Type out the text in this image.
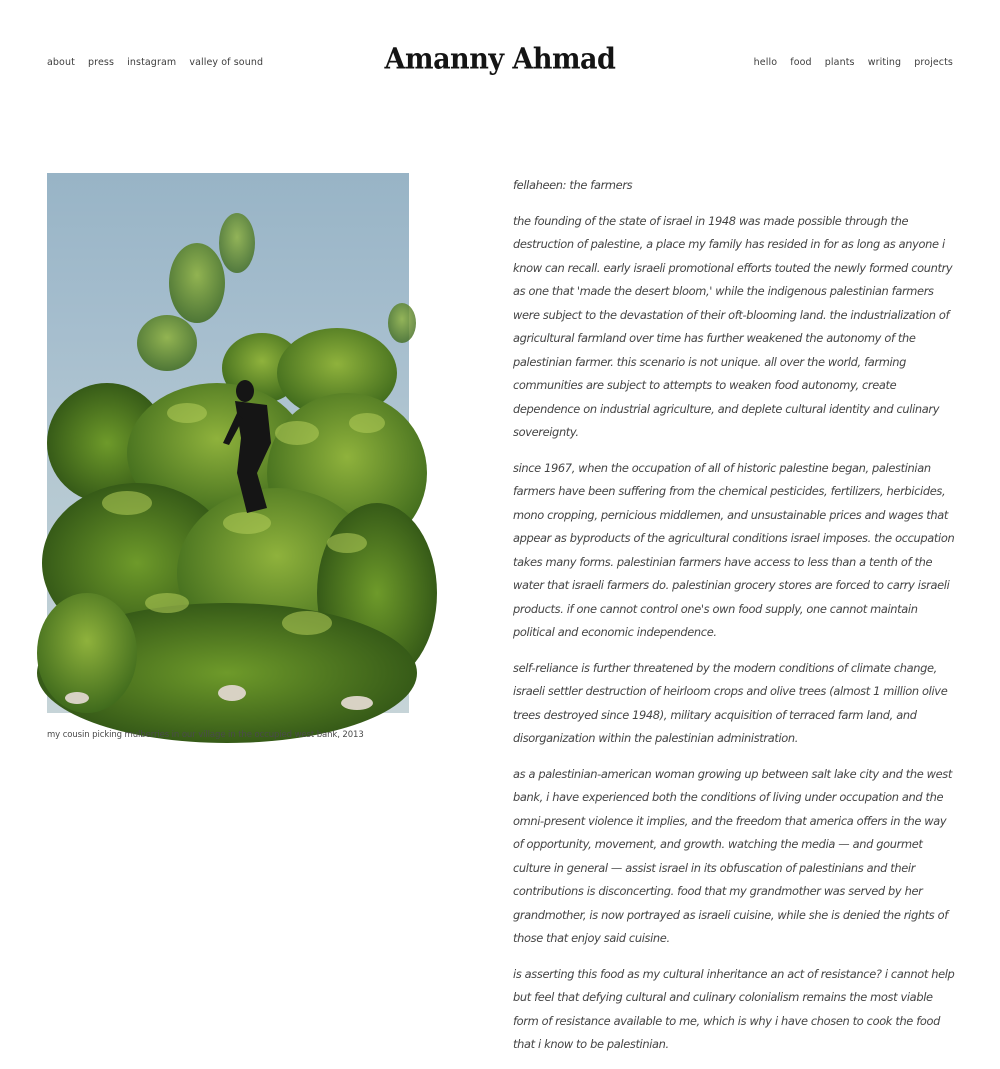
about press instagram valley of sound	Amanny Ahmad	hello food plants writing projects
my cousin picking mulberries in our village in the occupied west bank, 2013

fellaheen: the farmers

the founding of the state of israel in 1948 was made possible through the destruction of palestine, a place my family has resided in for as long as anyone i know can recall. early israeli promotional efforts touted the newly formed country as one that 'made the desert bloom,' while the indigenous palestinian farmers were subject to the devastation of their oft-blooming land. the industrialization of agricultural farmland over time has further weakened the autonomy of the palestinian farmer. this scenario is not unique. all over the world, farming communities are subject to attempts to weaken food autonomy, create dependence on industrial agriculture, and deplete cultural identity and culinary sovereignty.

since 1967, when the occupation of all of historic palestine began, palestinian farmers have been suffering from the chemical pesticides, fertilizers, herbicides, mono cropping, pernicious middlemen, and unsustainable prices and wages that appear as byproducts of the agricultural conditions israel imposes. the occupation takes many forms. palestinian farmers have access to less than a tenth of the water that israeli farmers do. palestinian grocery stores are forced to carry israeli products. if one cannot control one's own food supply, one cannot maintain political and economic independence.

self-reliance is further threatened by the modern conditions of climate change, israeli settler destruction of heirloom crops and olive trees (almost 1 million olive trees destroyed since 1948), military acquisition of terraced farm land, and disorganization within the palestinian administration.

as a palestinian-american woman growing up between salt lake city and the west bank, i have experienced both the conditions of living under occupation and the omni-present violence it implies, and the freedom that america offers in the way of opportunity, movement, and growth. watching the media — and gourmet culture in general — assist israel in its obfuscation of palestinians and their contributions is disconcerting. food that my grandmother was served by her grandmother, is now portrayed as israeli cuisine, while she is denied the rights of those that enjoy said cuisine.

is asserting this food as my cultural inheritance an act of resistance? i cannot help but feel that defying cultural and culinary colonialism remains the most viable form of resistance available to me, which is why i have chosen to cook the food that i know to be palestinian.
